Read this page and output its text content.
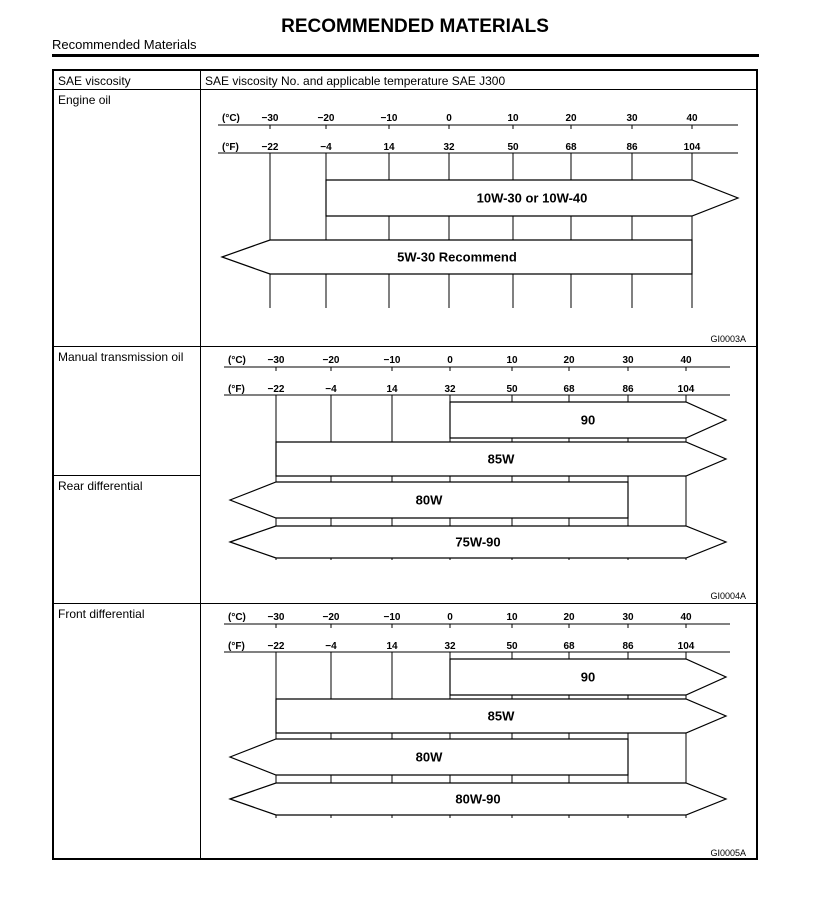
RECOMMENDED MATERIALS
Recommended Materials
SAE viscosity	SAE viscosity No. and applicable temperature SAE J300
Engine oil
Manual transmission oil
Rear differential
Front differential
(°C)
(°F)
−30
−22
−20
−4
−10
14
0
32
10
50
20
68
30
86
40
104
10W-30 or 10W-40
5W-30 Recommend
GI0003A
(°C)
(°F)
−30
−22
−20
−4
−10
14
0
32
10
50
20
68
30
86
40
104
90
85W
80W
75W-90
GI0004A
(°C)
(°F)
−30
−22
−20
−4
−10
14
0
32
10
50
20
68
30
86
40
104
90
85W
80W
80W-90
GI0005A
